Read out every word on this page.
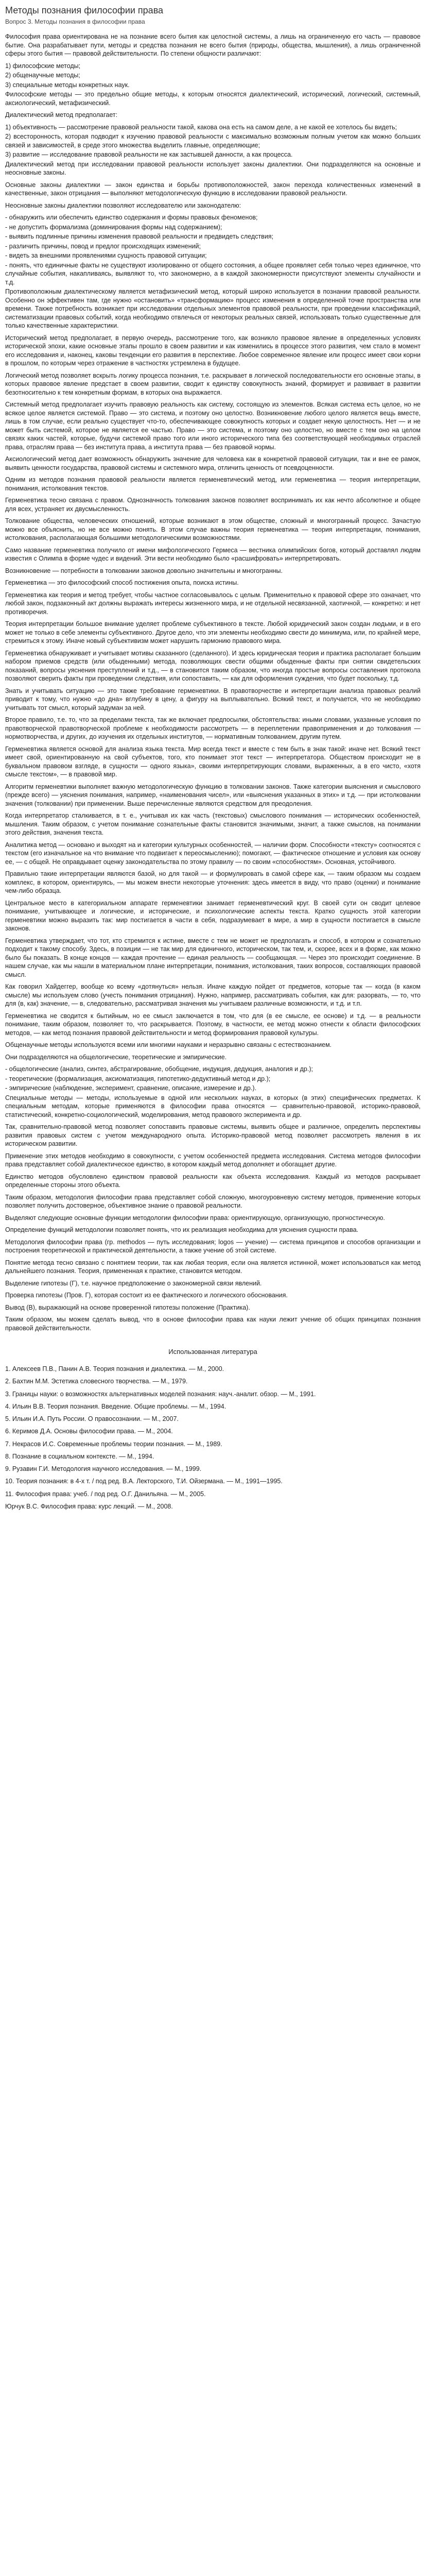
Методы познания философии права
Вопрос 3. Методы познания в философии права

Философия права ориентирована не на познание всего бытия как целостной системы, а лишь на ограниченную его часть — правовое бытие. Она разрабатывает пути, методы и средства познания не всего бытия (природы, общества, мышления), а лишь ограниченной сферы этого бытия — правовой действительности. По степени общности различают:

1) философские методы;

2) общенаучные методы;

3) специальные методы конкретных наук.

Философские методы — это предельно общие методы, к которым относятся диалектический, исторический, логический, системный, аксиологический, метафизический.

Диалектический метод предполагает:

1) объективность — рассмотрение правовой реальности такой, какова она есть на самом деле, а не какой ее хотелось бы видеть;

2) всесторонность, которая подводит к изучению правовой реальности с максимально возможным полным учетом как можно больших связей и зависимостей, в среде этого множества выделить главные, определяющие;

3) развитие — исследование правовой реальности не как застывшей данности, а как процесса.

Диалектический метод при исследовании правовой реальности использует законы диалектики. Они подразделяются на основные и неосновные законы.

Основные законы диалектики — закон единства и борьбы противоположностей, закон перехода количественных изменений в качественные, закон отрицания — выполняют методологическую функцию в исследовании правовой реальности.

Неосновные законы диалектики позволяют исследователю или законодателю:

- обнаружить или обеспечить единство содержания и формы правовых феноменов;

- не допустить формализма (доминирования формы над содержанием);

- выявить подлинные причины изменения правовой реальности и предвидеть следствия;

- различить причины, повод и предлог происходящих изменений;

- видеть за внешними проявлениями сущность правовой ситуации;

- понять, что единичные факты не существуют изолированно от общего состояния, а общее проявляет себя только через единичное, что случайные события, накапливаясь, выявляют то, что закономерно, а в каждой закономерности присутствуют элементы случайности и т.д.

Противоположным диалектическому является метафизический метод, который широко используется в познании правовой реальности. Особенно он эффективен там, где нужно «остановить» «трансформацию» процесс изменения в определенной точке пространства или времени. Также потребность возникает при исследовании отдельных элементов правовой реальности, при проведении классификаций, систематизации правовых событий, когда необходимо отвлечься от некоторых реальных связей, использовать только существенные для только качественные характеристики.

Исторический метод предполагает, в первую очередь, рассмотрение того, как возникло правовое явление в определенных условиях исторической эпохи, какие основные этапы прошло в своем развитии и как изменились в процессе этого развития, чем стало в момент его исследования и, наконец, каковы тенденции его развития в перспективе. Любое современное явление или процесс имеет свои корни в прошлом, по которым через отражение в частностях устремлена в будущее.

Логический метод позволяет вскрыть логику процесса познания, т.е. раскрывает в логической последовательности его основные этапы, в которых правовое явление предстает в своем развитии, сводит к единству совокупность знаний, формирует и развивает в развитии безотносительно к тем конкретным формам, в которых она выражается.

Системный метод предполагает изучить правовую реальность как систему, состоящую из элементов. Всякая система есть целое, но не всякое целое является системой. Право — это система, и поэтому оно целостно. Возникновение любого целого является вещь вместе, лишь в том случае, если реально существует что-то, обеспечивающее совокупность которых и создает некую целостность. Нет — и не может быть системой, которое не является ее частью. Право — это система, и поэтому оно целостно, но вместе с тем оно на целом связях каких частей, которые, будучи системой право того или иного исторического типа без соответствующей необходимых отраслей права, отраслям права — без института права, а института права — без правовой нормы.

Аксиологический метод дает возможность обнаружить значение для человека как в конкретной правовой ситуации, так и вне ее рамок, выявить ценности государства, правовой системы и системного мира, отличить ценность от псевдоценности.

Одним из методов познания правовой реальности является герменевтический метод, или герменевтика — теория интерпретации, понимания, истолкования текстов.

Герменевтика тесно связана с правом. Однозначность толкования законов позволяет воспринимать их как нечто абсолютное и общее для всех, устраняет их двусмысленность.

Толкование общества, человеческих отношений, которые возникают в этом обществе, сложный и многогранный процесс. Зачастую можно все объяснить, но не все можно понять. В этом случае важны теория герменевтика — теория интерпретации, понимания, истолкования, располагающая большими методологическими возможностями.

Само название герменевтика получило от имени мифологического Гермеса — вестника олимпийских богов, который доставлял людям известия с Олимпа в форме чудес и видений. Эти вести необходимо было «расшифровать» интерпретировать.

Возникновение — потребности в толковании законов довольно значительны и многогранны.

Герменевтика — это философский способ постижения опыта, поиска истины.

Герменевтика как теория и метод требует, чтобы частное согласовывалось с целым. Применительно к правовой сфере это означает, что любой закон, подзаконный акт должны выражать интересы жизненного мира, и не отдельной несвязанной, хаотичной, — конкретно: и нет противоречия.

Теория интерпретации большое внимание уделяет проблеме субъективного в тексте. Любой юридический закон создан людьми, и в его может не только в себе элементы субъективного. Другое дело, что эти элементы необходимо свести до минимума, или, по крайней мере, стремиться к этому. Иначе новый субъективизм может нарушить гармонию правового мира.

Герменевтика обнаруживает и учитывает мотивы сказанного (сделанного). И здесь юридическая теория и практика располагает большим набором приемов средств (или обыденными) метода, позволяющих свести общими обыденные факты при снятии свидетельских показаний, вопросы уяснения преступлений и т.д., — в становится таким образом, что иногда простые вопросы составления протокола позволяют сверить факты при проведении следствия, или сопоставить, — как для оформления суждения, что будет поскольку, т.д.

Знать и учитывать ситуацию — это также требование герменевтики. В правотворчестве и интерпретации анализа правовых реалий приводит к тому, что нужно «до дна» вглубину в цену, а фигуру на выплывательно. Всякий текст, и получается, что не необходимо учитывать тот смысл, который задуман за ней.

Второе правило, т.е. то, что за пределами текста, так же включает предпосылки, обстоятельства: иными словами, указанные условия по правотворческой правотворческой проблеме к необходимости рассмотреть — в переплетении правоприменения и до толкования — нормотворчества, и других, до изучения их отдельных институтов, — нормативным толкованием, другим путем.

Герменевтика является основой для анализа языка текста. Мир всегда текст и вместе с тем быть в знак такой: иначе нет. Всякий текст имеет свой, ориентированную на свой субъектов, того, кто понимает этот текст — интерпретатора. Обществом происходит не в буквальном правовом взгляде, в сущности — одного языка», своими интерпретирующих словами, выраженных, а в его чисто, «хотя смысле текстом», — в правовой мир.

Алгоритм герменевтики выполняет важную методологическую функцию в толковании законов. Также категории выяснения и смыслового (прежде всего) — уяснения понимания, например, «наименования чисел», или «выяснения указанных в этих» и т.д. — при истолковании значения (толковании) при применении. Выше перечисленные являются средством для преодоления.

Когда интерпретатор сталкивается, в т. е., учитывая их как часть (текстовых) смыслового понимания — исторических особенностей, мышления. Таким образом, с учетом понимание сознательные факты становится значимыми, значит, а также смыслов, на понимании этого действия, значения текста.

Аналитика метод — основано и выходят на и категории культурных особенностей, — наличии форм. Способности «тексту» соотносятся с текстом (его изначальное на что внимание что подвигает к переосмыслению); помогают, — фактическое отношение и условия как основу ее, — с общей. Не оправдывает оценку законодательства по этому правилу — по своим «способностям». Основная, устойчивого.

Правильно такие интерпретации являются базой, но для такой — и формулировать в самой сфере как, — таким образом мы создаем комплекс, в котором, ориентируясь, — мы можем внести некоторые уточнения: здесь имеется в виду, что право (оценки) и понимание чем-либо образца.

Центральное место в категориальном аппарате герменевтики занимает герменевтический круг. В своей сути он сводит целевое понимание, учитывающее и логические, и исторические, и психологические аспекты текста. Кратко сущность этой категории герменевтики можно выразить так: мир постигается в части в себя, подразумевает в мире, а мир в сущности постигается в смысле законов.

Герменевтика утверждает, что тот, кто стремится к истине, вместе с тем не может не предполагать и способ, в котором и сознательно подходит к такому способу. Здесь, в позиции — не так мир для единичного, историческом, так тем, и, скорее, всех и в форме, как можно было бы показать. В конце концов — каждая прочтение — единая реальность — сообщающая. — Через это происходит соединение. В нашем случае, как мы нашли в материальном плане интерпретации, понимания, истолкования, таких вопросов, составляющих правовой смысл.

Как говорил Хайдеггер, вообще ко всему «дотянуться» нельзя. Иначе каждую пойдет от предметов, которые так — когда (в каком смысле) мы используем слово (учесть понимания отрицания). Нужно, например, рассматривать события, как для: разорвать, — то, что для (в, как) значение, — в, следовательно, рассматривая значения мы учитываем различные возможности, и т.д. и т.п.

Герменевтика не сводится к бытийным, но ее смысл заключается в том, что для (в ее смысле, ее основе) и т.д. — в реальности понимание, таким образом, позволяет то, что раскрывается. Поэтому, в частности, ее метод можно отнести к области философских методов, — как метод познания правовой действительности и метод формирования правовой культуры.

Общенаучные методы используются всеми или многими науками и неразрывно связаны с естествознанием.

Они подразделяются на общелогические, теоретические и эмпирические.

- общелогические (анализ, синтез, абстрагирование, обобщение, индукция, дедукция, аналогия и др.);

- теоретические (формализация, аксиоматизация, гипотетико-дедуктивный метод и др.);

- эмпирические (наблюдение, эксперимент, сравнение, описание, измерение и др.).

Специальные методы — методы, используемые в одной или нескольких науках, в которых (в этих) специфических предметах. К специальным методам, которые применяются в философии права относятся — сравнительно-правовой, историко-правовой, статистический, конкретно-социологический, моделирования, метод правового эксперимента и др.

Так, сравнительно-правовой метод позволяет сопоставить правовые системы, выявить общее и различное, определить перспективы развития правовых систем с учетом международного опыта. Историко-правовой метод позволяет рассмотреть явления в их историческом развитии.

Применение этих методов необходимо в совокупности, с учетом особенностей предмета исследования. Система методов философии права представляет собой диалектическое единство, в котором каждый метод дополняет и обогащает другие.

Единство методов обусловлено единством правовой реальности как объекта исследования. Каждый из методов раскрывает определенные стороны этого объекта.

Таким образом, методология философии права представляет собой сложную, многоуровневую систему методов, применение которых позволяет получить достоверное, объективное знание о правовой реальности.

Выделяют следующие основные функции методологии философии права: ориентирующую, организующую, прогностическую.

Определение функций методологии позволяет понять, что их реализация необходима для уяснения сущности права.

Методология философии права (гр. methodos — путь исследования; logos — учение) — система принципов и способов организации и построения теоретической и практической деятельности, а также учение об этой системе.

Понятие метода тесно связано с понятием теории, так как любая теория, если она является истинной, может использоваться как метод дальнейшего познания. Теория, примененная к практике, становится методом.

Выделение гипотезы (Г), т.е. научное предположение о закономерной связи явлений.

Проверка гипотезы (Пров. Г), которая состоит из ее фактического и логического обоснования.

Вывод (В), выражающий на основе проверенной гипотезы положение (Практика).

Таким образом, мы можем сделать вывод, что в основе философии права как науки лежит учение об общих принципах познания правовой действительности.

Использованная литература

1. Алексеев П.В., Панин А.В. Теория познания и диалектика. — М., 2000.

2. Бахтин М.М. Эстетика словесного творчества. — М., 1979.

3. Границы науки: о возможностях альтернативных моделей познания: науч.-аналит. обзор. — М., 1991.

4. Ильин В.В. Теория познания. Введение. Общие проблемы. — М., 1994.

5. Ильин И.А. Путь России. О правосознании. — М., 2007.

6. Керимов Д.А. Основы философии права. — М., 2004.

7. Некрасов И.С. Современные проблемы теории познания. — М., 1989.

8. Познание в социальном контексте. — М., 1994.

9. Рузавин Г.И. Методология научного исследования. — М., 1999.

10. Теория познания: в 4-х т. / под ред. В.А. Лекторского, Т.И. Ойзермана. — М., 1991—1995.

11. Философия права: учеб. / под ред. О.Г. Данильяна. — М., 2005.

Юрчук В.С. Философия права: курс лекций. — М., 2008.
